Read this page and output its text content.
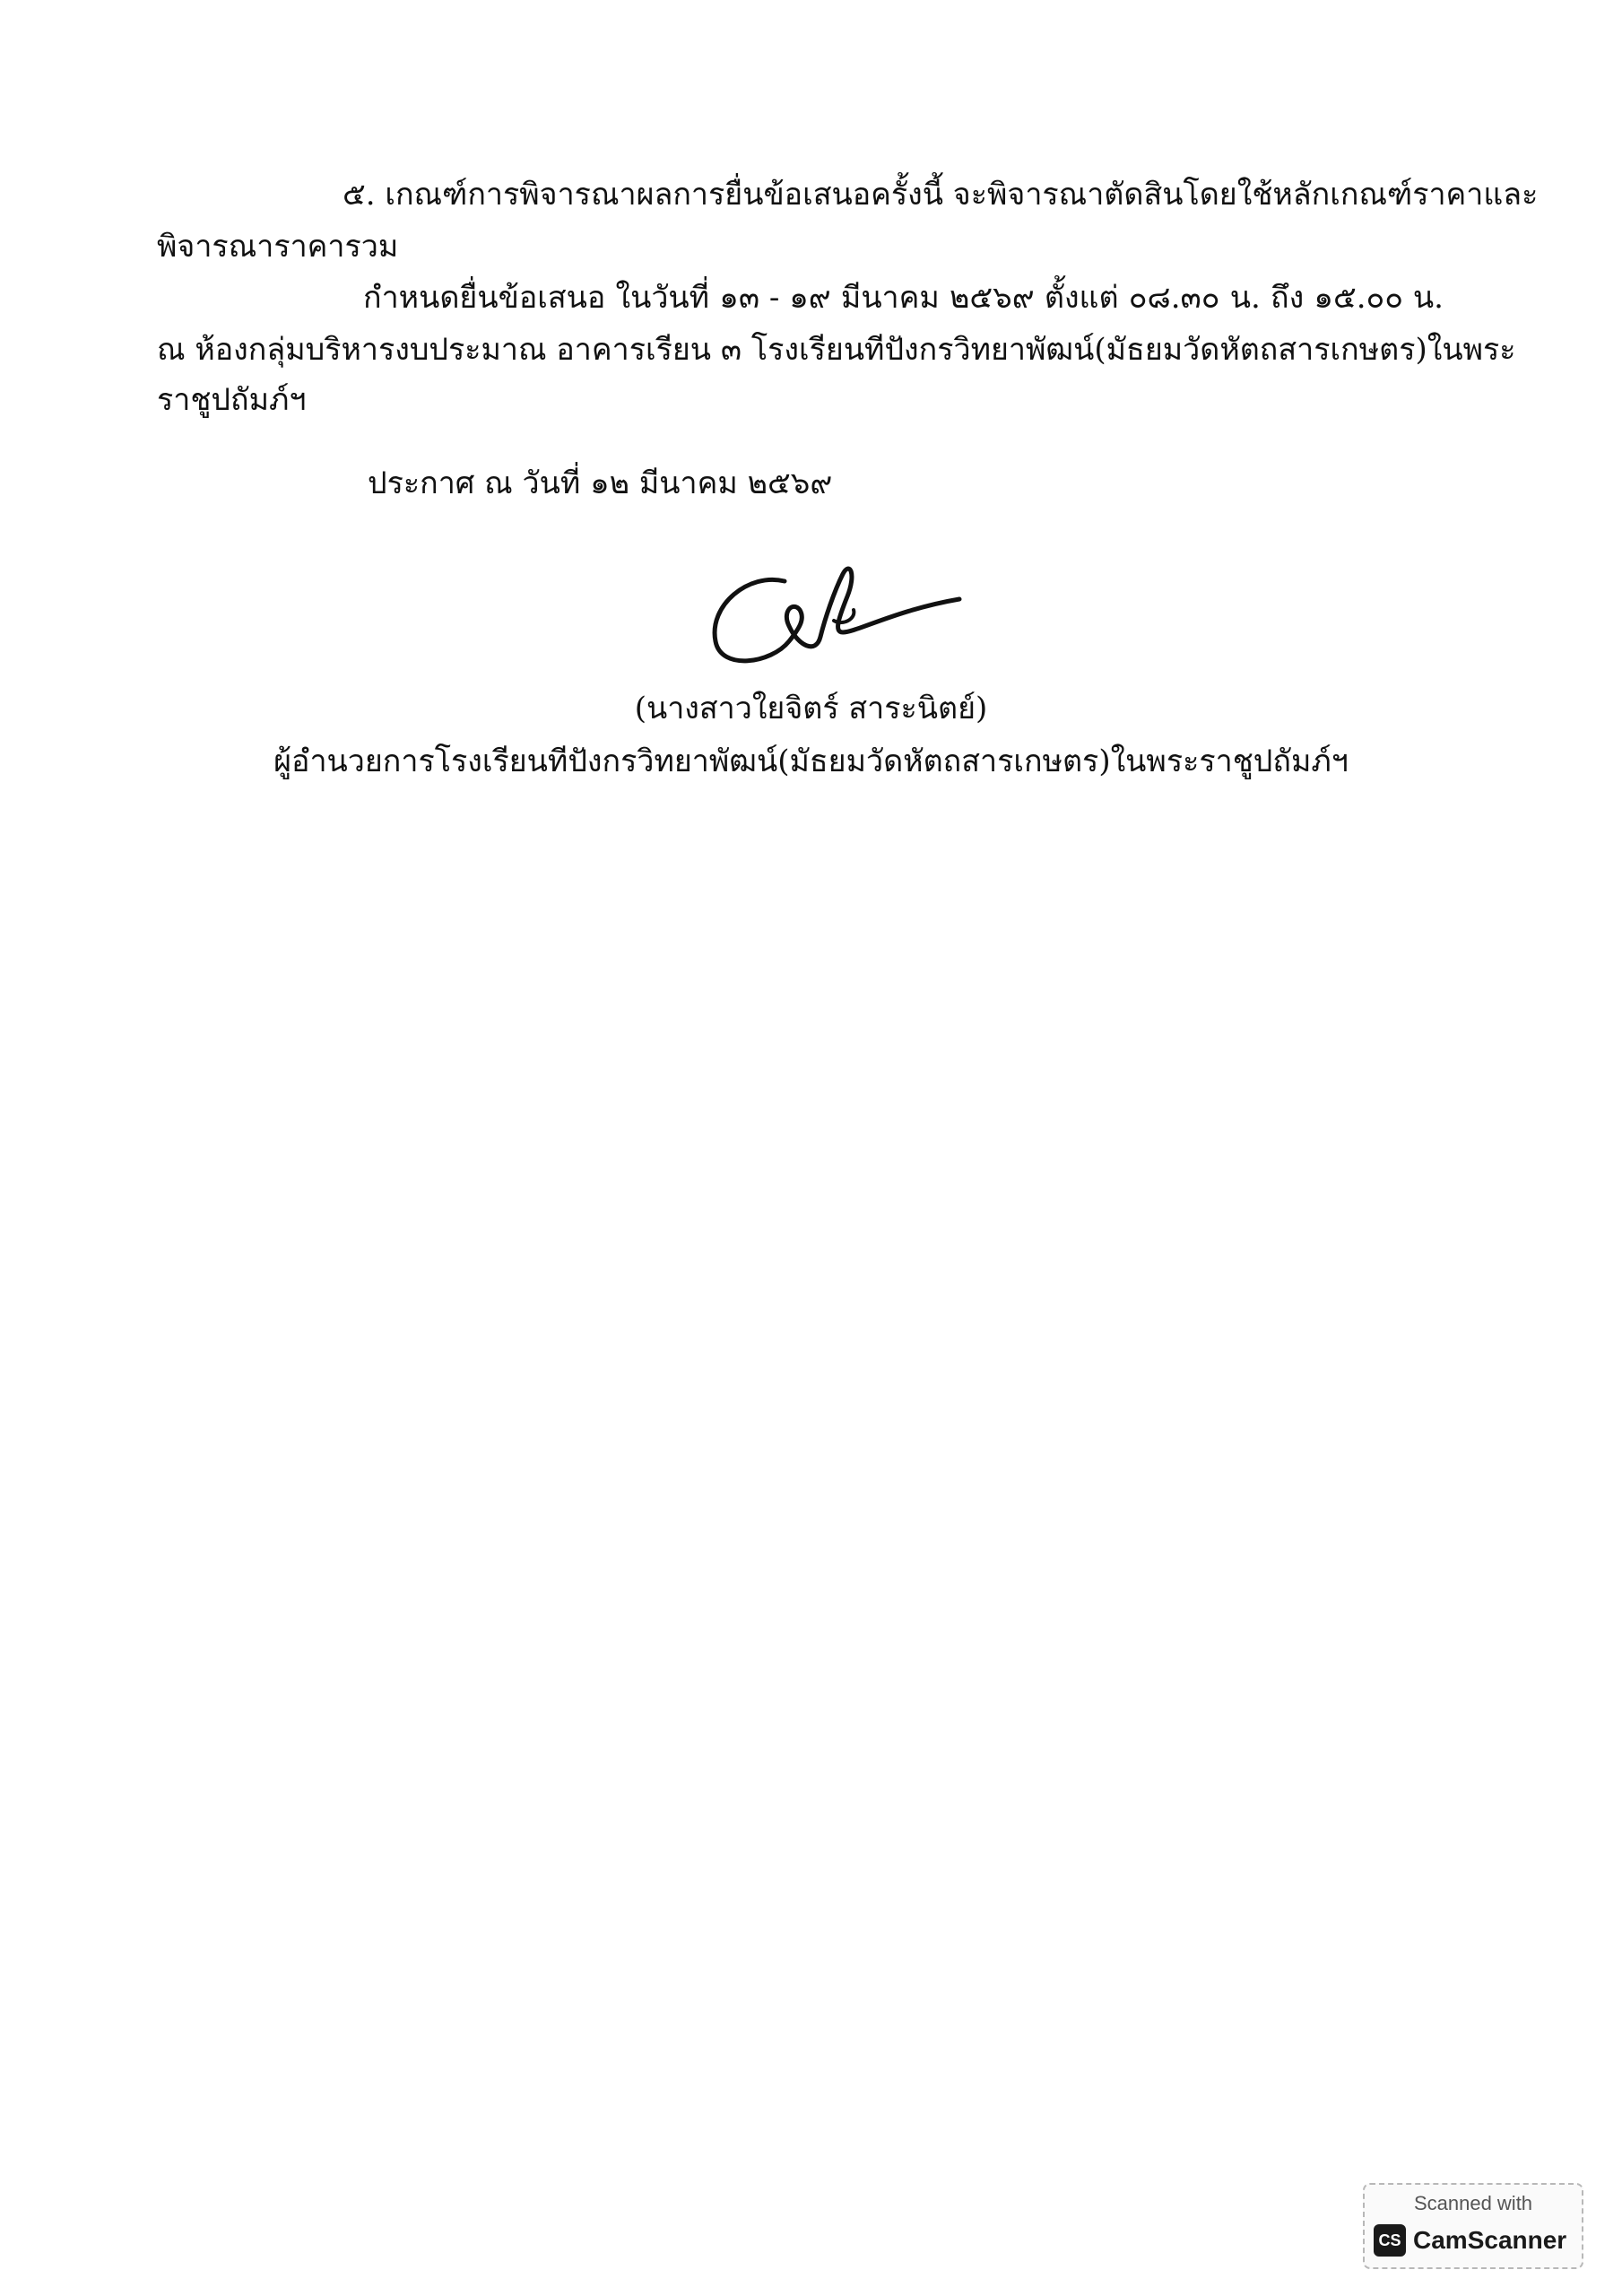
๕. เกณฑ์การพิจารณาผลการยื่นข้อเสนอครั้งนี้ จะพิจารณาตัดสินโดยใช้หลักเกณฑ์ราคาและ
พิจารณาราคารวม
กำหนดยื่นข้อเสนอ ในวันที่ ๑๓ - ๑๙ มีนาคม ๒๕๖๙ ตั้งแต่ ๐๘.๓๐ น. ถึง ๑๕.๐๐ น.
ณ ห้องกลุ่มบริหารงบประมาณ อาคารเรียน ๓ โรงเรียนทีปังกรวิทยาพัฒน์(มัธยมวัดหัตถสารเกษตร)ในพระ
ราชูปถัมภ์ฯ
ประกาศ ณ วันที่ ๑๒ มีนาคม ๒๕๖๙
(นางสาวใยจิตร์ สาระนิตย์)
ผู้อำนวยการโรงเรียนทีปังกรวิทยาพัฒน์(มัธยมวัดหัตถสารเกษตร)ในพระราชูปถัมภ์ฯ
Scanned with
CS CamScanner
